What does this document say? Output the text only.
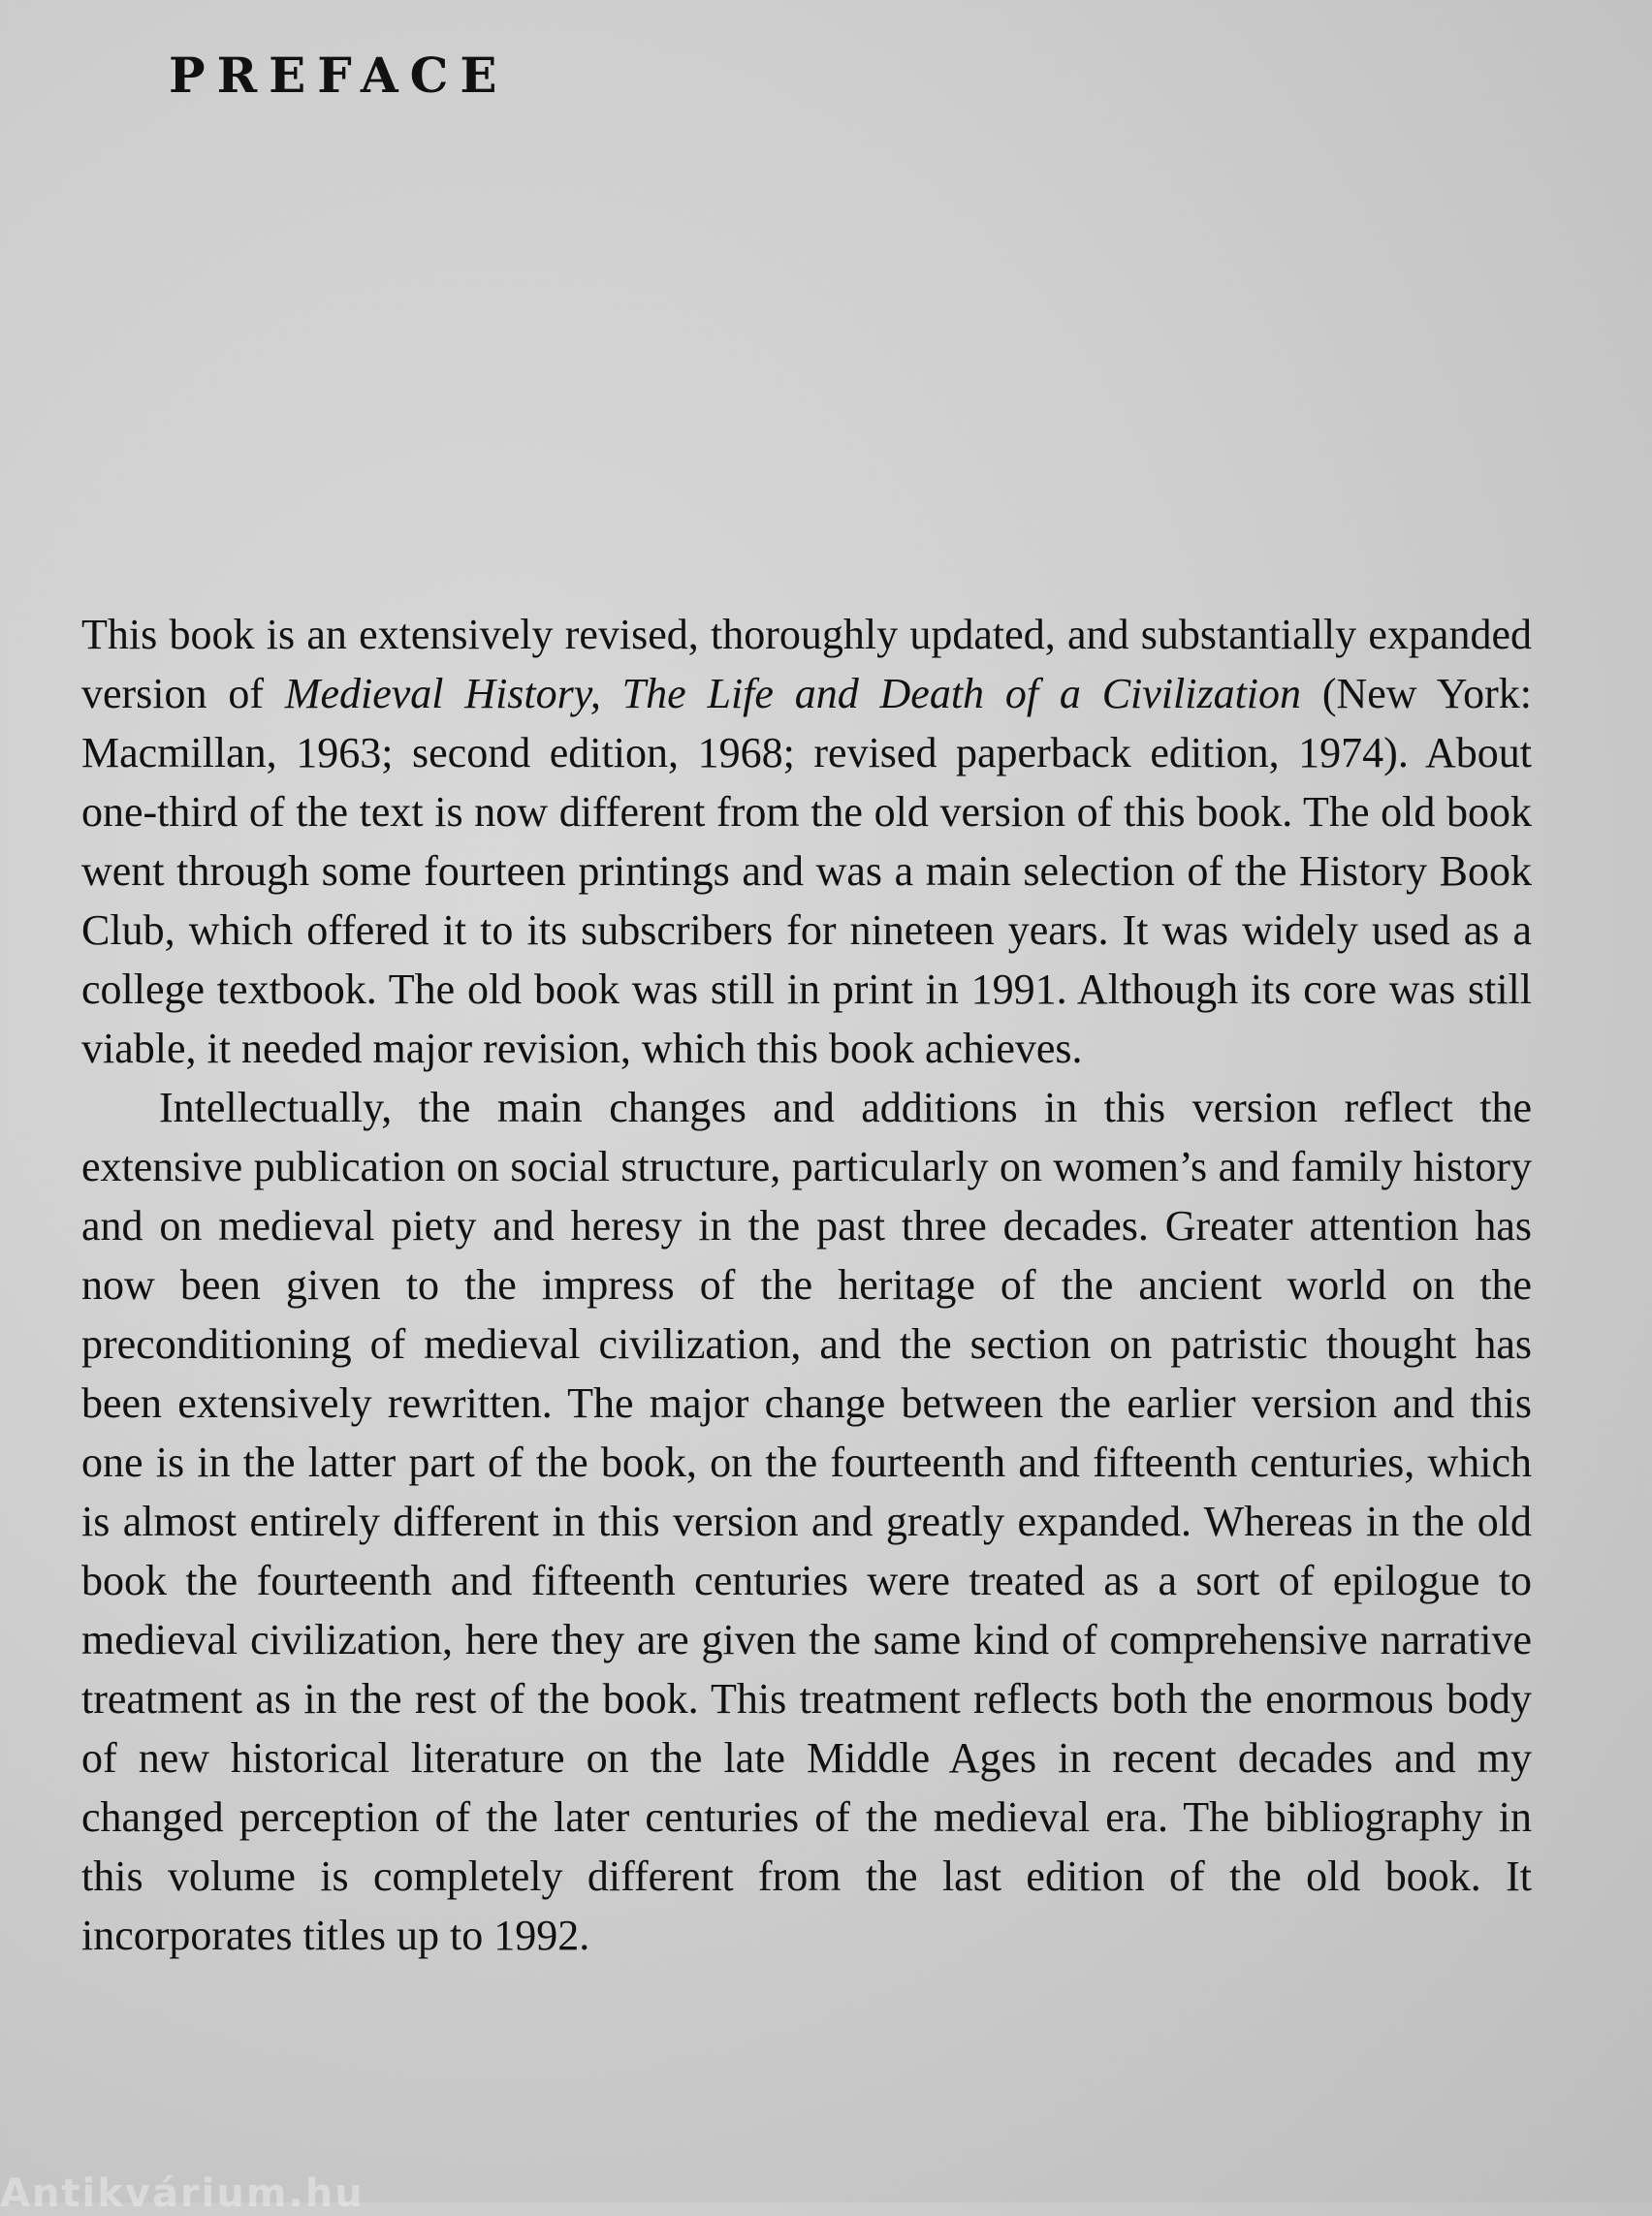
PREFACE

This book is an extensively revised, thoroughly updated, and substantially expanded version of Medieval History, The Life and Death of a Civilization (New York: Macmillan, 1963; second edition, 1968; revised paperback edition, 1974). About one-third of the text is now different from the old version of this book. The old book went through some fourteen printings and was a main selection of the History Book Club, which offered it to its subscribers for nineteen years. It was widely used as a college textbook. The old book was still in print in 1991. Although its core was still viable, it needed major revision, which this book achieves.

Intellectually, the main changes and additions in this version reflect the extensive publication on social structure, particularly on women’s and family history and on medieval piety and heresy in the past three decades. Greater attention has now been given to the impress of the heritage of the ancient world on the preconditioning of medieval civilization, and the section on patristic thought has been extensively rewritten. The major change between the earlier version and this one is in the latter part of the book, on the fourteenth and fifteenth centuries, which is almost entirely different in this version and greatly expanded. Whereas in the old book the fourteenth and fifteenth centuries were treated as a sort of epilogue to medieval civilization, here they are given the same kind of comprehensive narrative treatment as in the rest of the book. This treatment reflects both the enormous body of new historical literature on the late Middle Ages in recent decades and my changed perception of the later centuries of the medieval era. The bibliography in this volume is completely different from the last edition of the old book. It incorporates titles up to 1992.

Antikvárium.hu
